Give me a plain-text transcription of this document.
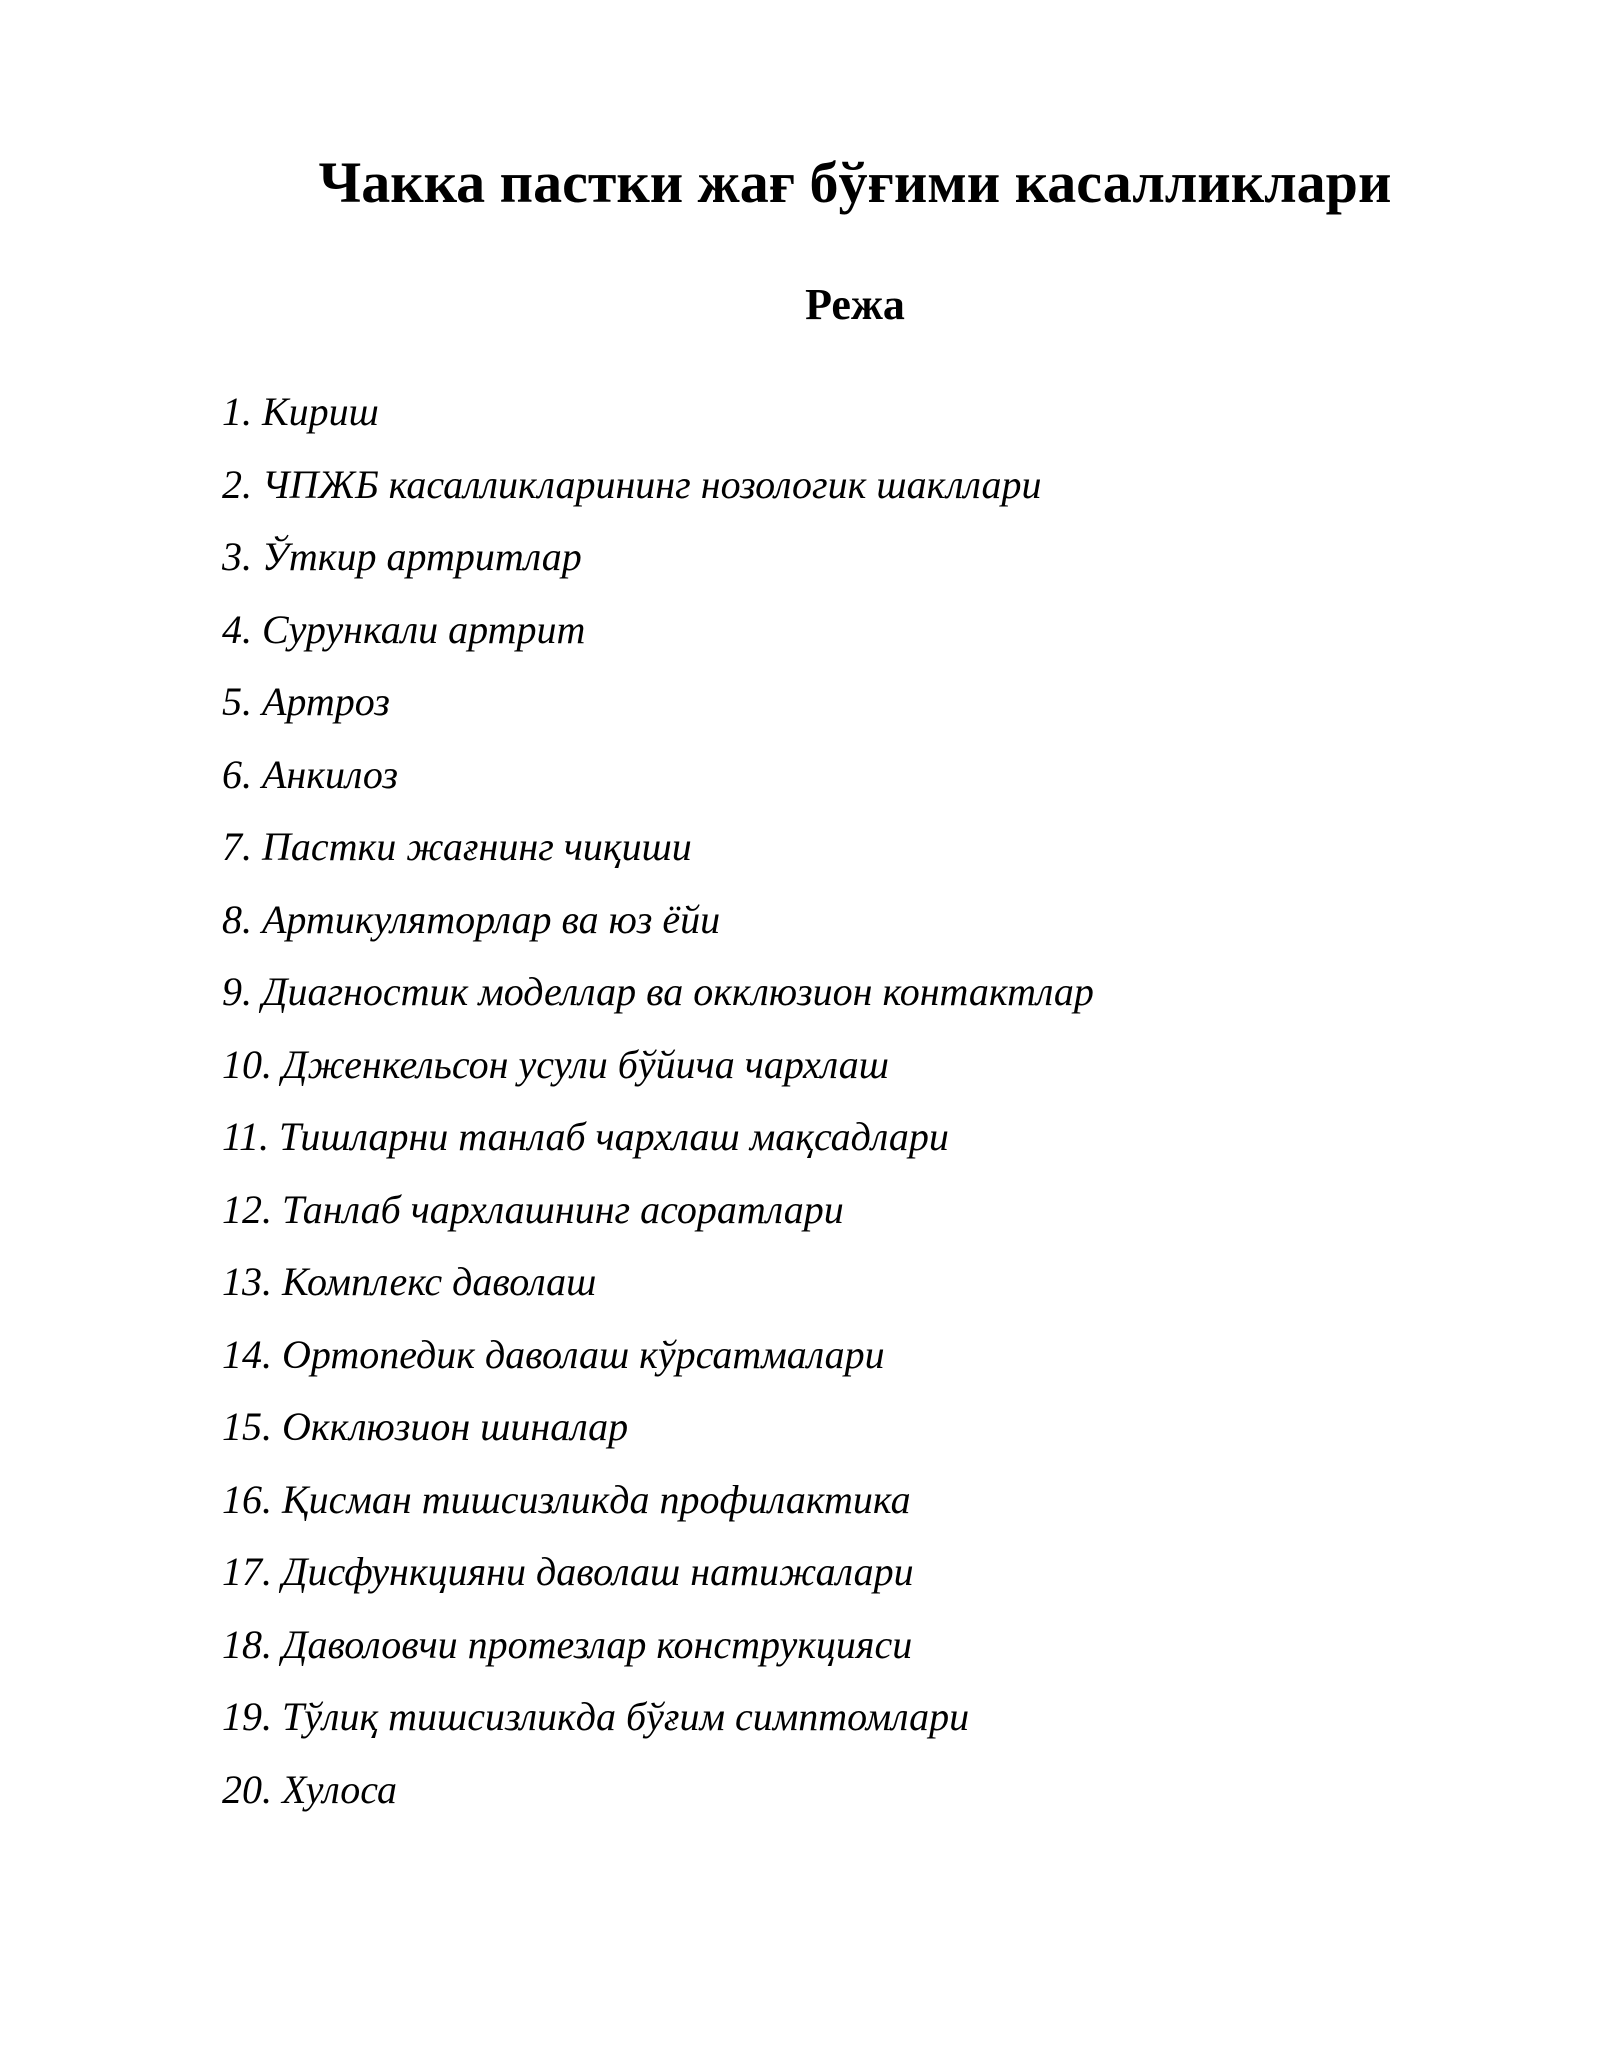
Чакка пастки жағ бўғими касалликлари
Режа
1. Кириш
2. ЧПЖБ касалликларининг нозологик шакллари
3. Ўткир артритлар
4. Сурункали артрит
5. Артроз
6. Анкилоз
7. Пастки жағнинг чиқиши
8. Артикуляторлар ва юз ёйи
9. Диагностик моделлар ва окклюзион контактлар
10. Дженкельсон усули бўйича чархлаш
11. Тишларни танлаб чархлаш мақсадлари
12. Танлаб чархлашнинг асоратлари
13. Комплекс даволаш
14. Ортопедик даволаш кўрсатмалари
15. Окклюзион шиналар
16. Қисман тишсизликда профилактика
17. Дисфункцияни даволаш натижалари
18. Даволовчи протезлар конструкцияси
19. Тўлиқ тишсизликда бўғим симптомлари
20. Хулоса
